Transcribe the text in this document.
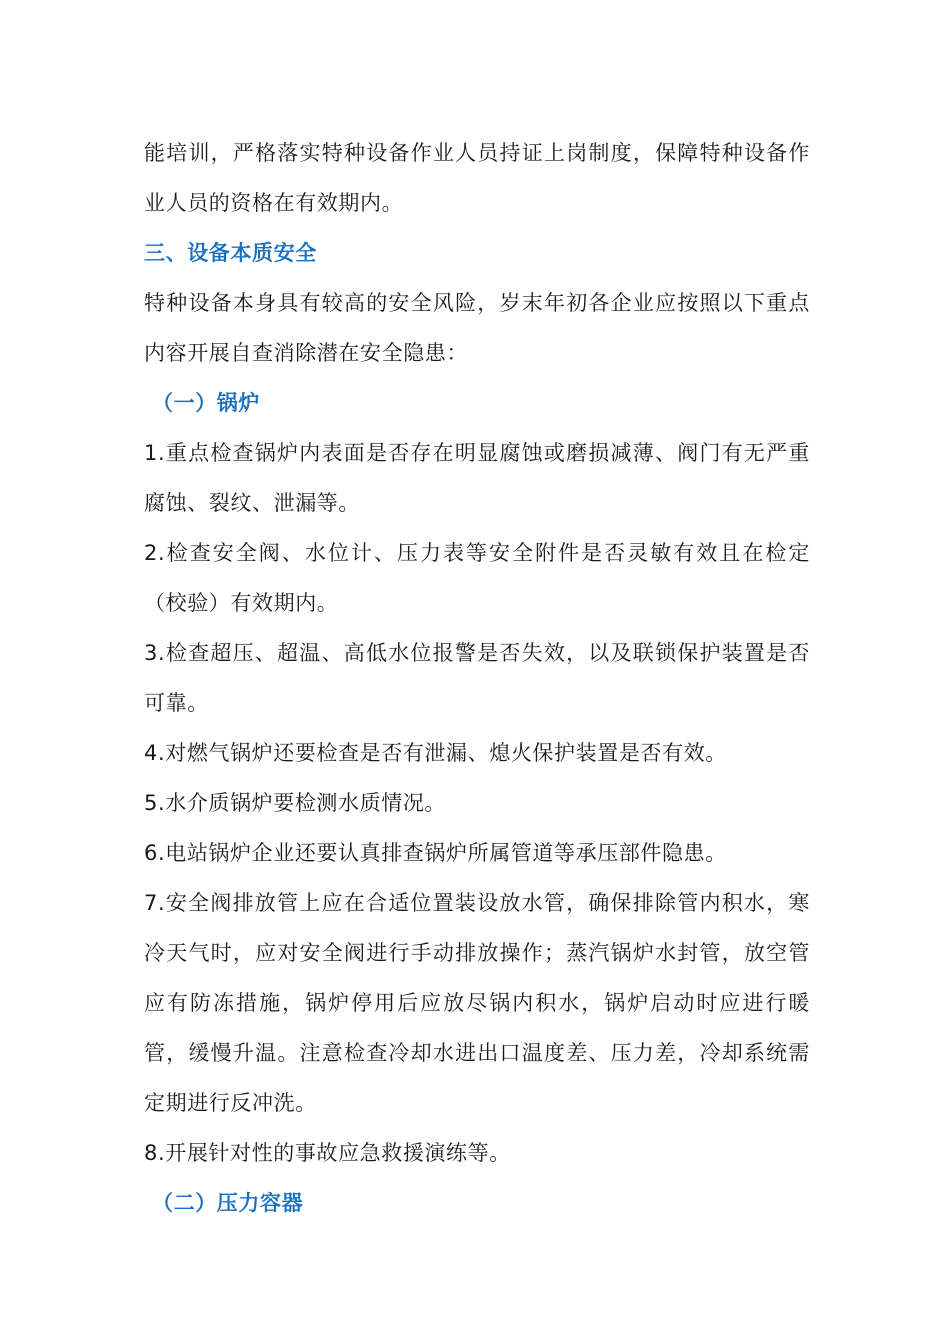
能培训，严格落实特种设备作业人员持证上岗制度，保障特种设备作业人员的资格在有效期内。

三、设备本质安全

特种设备本身具有较高的安全风险，岁末年初各企业应按照以下重点内容开展自查消除潜在安全隐患：

（一）锅炉

1.重点检查锅炉内表面是否存在明显腐蚀或磨损减薄、阀门有无严重腐蚀、裂纹、泄漏等。

2.检查安全阀、水位计、压力表等安全附件是否灵敏有效且在检定（校验）有效期内。

3.检查超压、超温、高低水位报警是否失效，以及联锁保护装置是否可靠。

4.对燃气锅炉还要检查是否有泄漏、熄火保护装置是否有效。

5.水介质锅炉要检测水质情况。

6.电站锅炉企业还要认真排查锅炉所属管道等承压部件隐患。

7.安全阀排放管上应在合适位置装设放水管，确保排除管内积水，寒冷天气时，应对安全阀进行手动排放操作；蒸汽锅炉水封管，放空管应有防冻措施，锅炉停用后应放尽锅内积水，锅炉启动时应进行暖管，缓慢升温。注意检查冷却水进出口温度差、压力差，冷却系统需定期进行反冲洗。

8.开展针对性的事故应急救援演练等。

（二）压力容器
